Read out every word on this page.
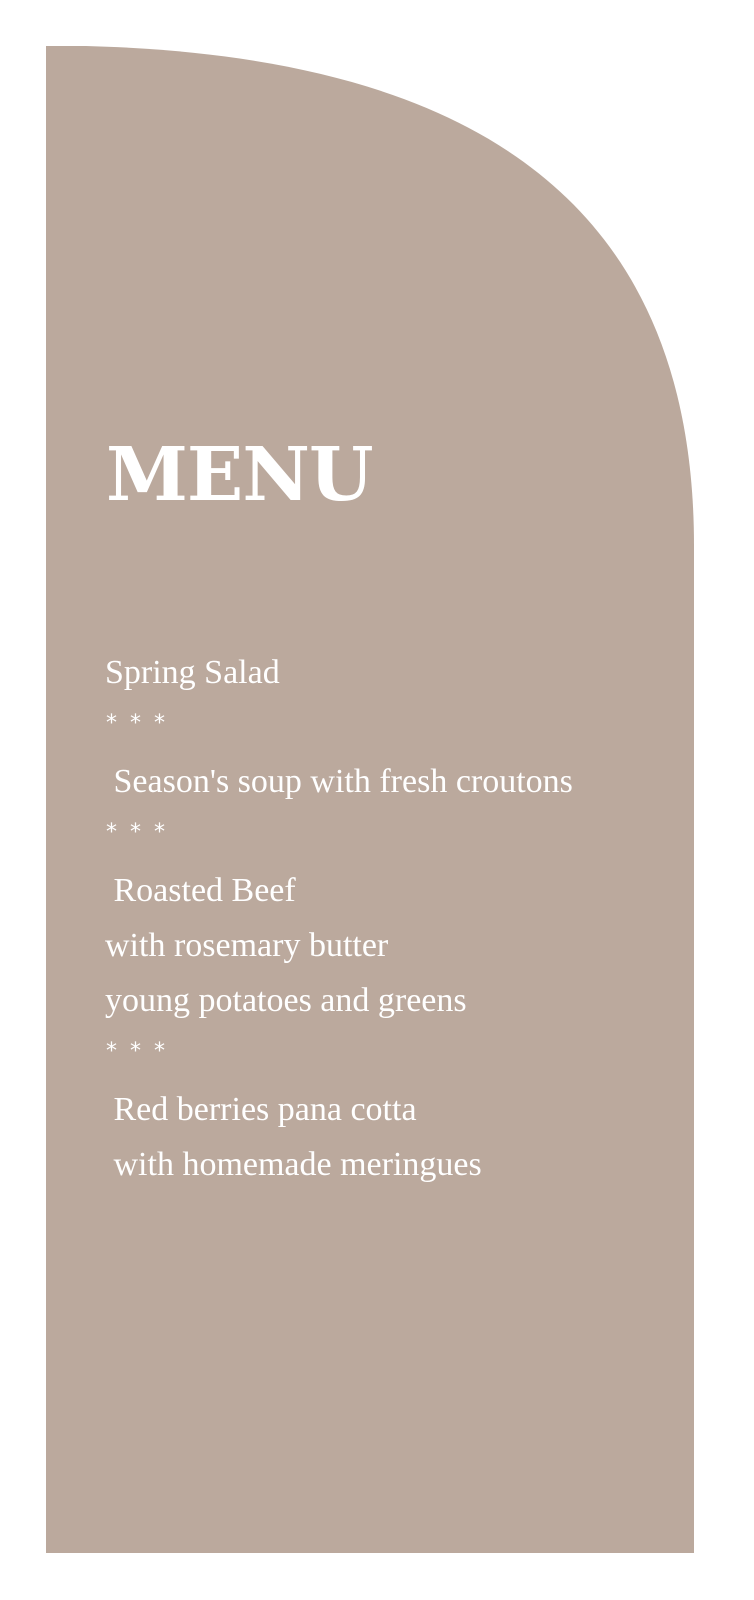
MENU
Spring Salad
* * *
Season's soup with fresh croutons
* * *
Roasted Beef
with rosemary butter
young potatoes and greens
* * *
Red berries pana cotta
with homemade meringues
